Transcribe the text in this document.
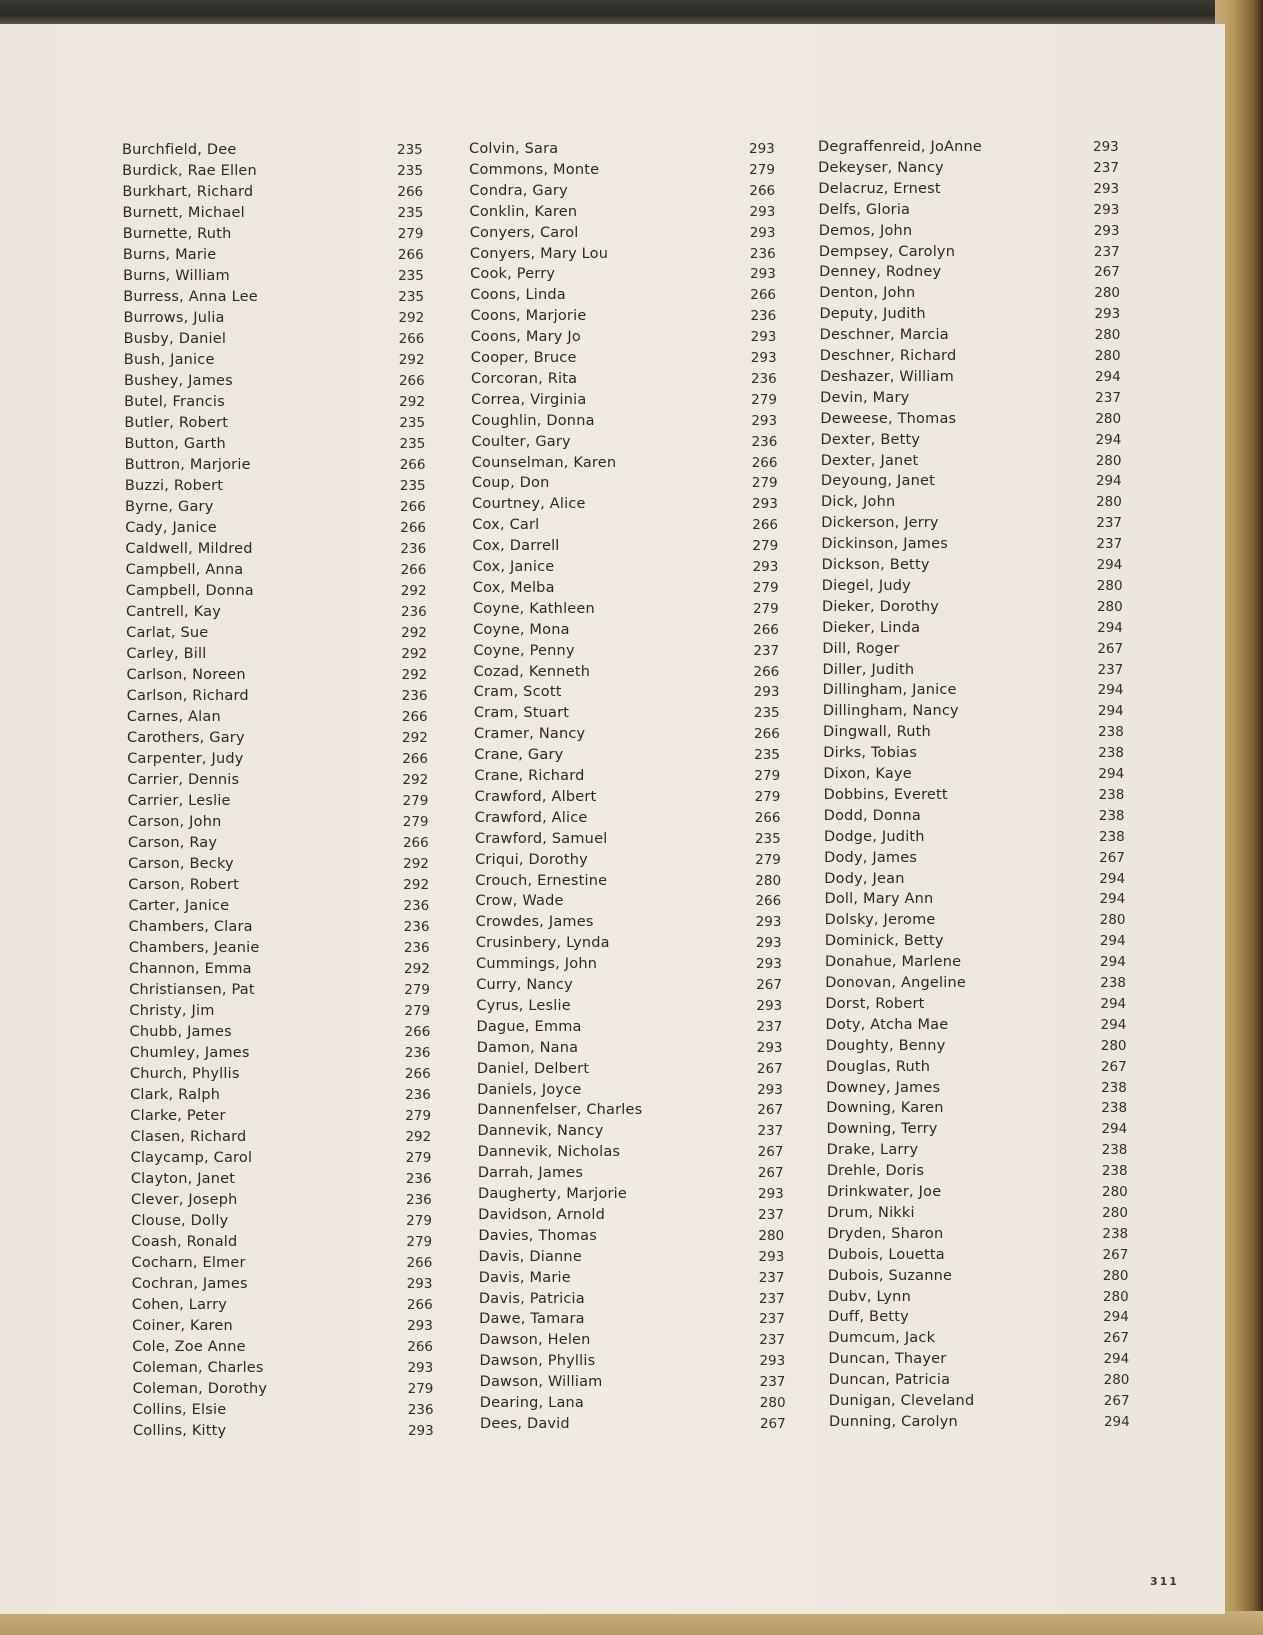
311
Burchfield, Dee	235
Burdick, Rae Ellen	235
Burkhart, Richard	266
Burnett, Michael	235
Burnette, Ruth	279
Burns, Marie	266
Burns, William	235
Burress, Anna Lee	235
Burrows, Julia	292
Busby, Daniel	266
Bush, Janice	292
Bushey, James	266
Butel, Francis	292
Butler, Robert	235
Button, Garth	235
Buttron, Marjorie	266
Buzzi, Robert	235
Byrne, Gary	266
Cady, Janice	266
Caldwell, Mildred	236
Campbell, Anna	266
Campbell, Donna	292
Cantrell, Kay	236
Carlat, Sue	292
Carley, Bill	292
Carlson, Noreen	292
Carlson, Richard	236
Carnes, Alan	266
Carothers, Gary	292
Carpenter, Judy	266
Carrier, Dennis	292
Carrier, Leslie	279
Carson, John	279
Carson, Ray	266
Carson, Becky	292
Carson, Robert	292
Carter, Janice	236
Chambers, Clara	236
Chambers, Jeanie	236
Channon, Emma	292
Christiansen, Pat	279
Christy, Jim	279
Chubb, James	266
Chumley, James	236
Church, Phyllis	266
Clark, Ralph	236
Clarke, Peter	279
Clasen, Richard	292
Claycamp, Carol	279
Clayton, Janet	236
Clever, Joseph	236
Clouse, Dolly	279
Coash, Ronald	279
Cocharn, Elmer	266
Cochran, James	293
Cohen, Larry	266
Coiner, Karen	293
Cole, Zoe Anne	266
Coleman, Charles	293
Coleman, Dorothy	279
Collins, Elsie	236
Collins, Kitty	293
Colvin, Sara	293
Commons, Monte	279
Condra, Gary	266
Conklin, Karen	293
Conyers, Carol	293
Conyers, Mary Lou	236
Cook, Perry	293
Coons, Linda	266
Coons, Marjorie	236
Coons, Mary Jo	293
Cooper, Bruce	293
Corcoran, Rita	236
Correa, Virginia	279
Coughlin, Donna	293
Coulter, Gary	236
Counselman, Karen	266
Coup, Don	279
Courtney, Alice	293
Cox, Carl	266
Cox, Darrell	279
Cox, Janice	293
Cox, Melba	279
Coyne, Kathleen	279
Coyne, Mona	266
Coyne, Penny	237
Cozad, Kenneth	266
Cram, Scott	293
Cram, Stuart	235
Cramer, Nancy	266
Crane, Gary	235
Crane, Richard	279
Crawford, Albert	279
Crawford, Alice	266
Crawford, Samuel	235
Criqui, Dorothy	279
Crouch, Ernestine	280
Crow, Wade	266
Crowdes, James	293
Crusinbery, Lynda	293
Cummings, John	293
Curry, Nancy	267
Cyrus, Leslie	293
Dague, Emma	237
Damon, Nana	293
Daniel, Delbert	267
Daniels, Joyce	293
Dannenfelser, Charles	267
Dannevik, Nancy	237
Dannevik, Nicholas	267
Darrah, James	267
Daugherty, Marjorie	293
Davidson, Arnold	237
Davies, Thomas	280
Davis, Dianne	293
Davis, Marie	237
Davis, Patricia	237
Dawe, Tamara	237
Dawson, Helen	237
Dawson, Phyllis	293
Dawson, William	237
Dearing, Lana	280
Dees, David	267
Degraffenreid, JoAnne	293
Dekeyser, Nancy	237
Delacruz, Ernest	293
Delfs, Gloria	293
Demos, John	293
Dempsey, Carolyn	237
Denney, Rodney	267
Denton, John	280
Deputy, Judith	293
Deschner, Marcia	280
Deschner, Richard	280
Deshazer, William	294
Devin, Mary	237
Deweese, Thomas	280
Dexter, Betty	294
Dexter, Janet	280
Deyoung, Janet	294
Dick, John	280
Dickerson, Jerry	237
Dickinson, James	237
Dickson, Betty	294
Diegel, Judy	280
Dieker, Dorothy	280
Dieker, Linda	294
Dill, Roger	267
Diller, Judith	237
Dillingham, Janice	294
Dillingham, Nancy	294
Dingwall, Ruth	238
Dirks, Tobias	238
Dixon, Kaye	294
Dobbins, Everett	238
Dodd, Donna	238
Dodge, Judith	238
Dody, James	267
Dody, Jean	294
Doll, Mary Ann	294
Dolsky, Jerome	280
Dominick, Betty	294
Donahue, Marlene	294
Donovan, Angeline	238
Dorst, Robert	294
Doty, Atcha Mae	294
Doughty, Benny	280
Douglas, Ruth	267
Downey, James	238
Downing, Karen	238
Downing, Terry	294
Drake, Larry	238
Drehle, Doris	238
Drinkwater, Joe	280
Drum, Nikki	280
Dryden, Sharon	238
Dubois, Louetta	267
Dubois, Suzanne	280
Dubv, Lynn	280
Duff, Betty	294
Dumcum, Jack	267
Duncan, Thayer	294
Duncan, Patricia	280
Dunigan, Cleveland	267
Dunning, Carolyn	294
